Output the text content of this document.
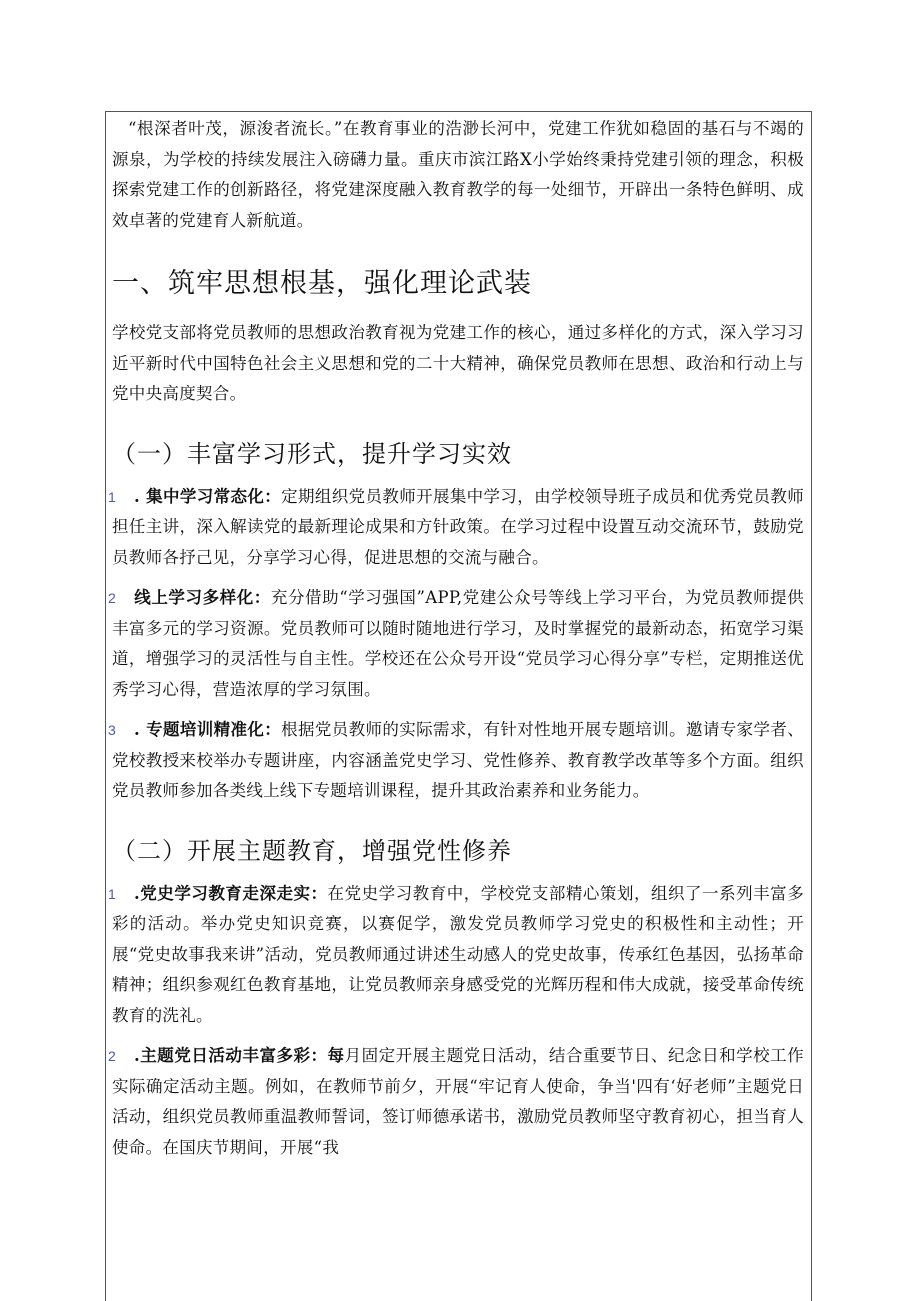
“根深者叶茂，源浚者流长。”在教育事业的浩渺长河中，党建工作犹如稳固的基石与不竭的源泉，为学校的持续发展注入磅礴力量。重庆市滨江路X小学始终秉持党建引领的理念，积极探索党建工作的创新路径，将党建深度融入教育教学的每一处细节，开辟出一条特色鲜明、成效卓著的党建育人新航道。

一、筑牢思想根基，强化理论武装

学校党支部将党员教师的思想政治教育视为党建工作的核心，通过多样化的方式，深入学习习近平新时代中国特色社会主义思想和党的二十大精神，确保党员教师在思想、政治和行动上与党中央高度契合。

（一）丰富学习形式，提升学习实效
1	. 集中学习常态化：定期组织党员教师开展集中学习，由学校领导班子成员和优秀党员教师担任主讲，深入解读党的最新理论成果和方针政策。在学习过程中设置互动交流环节，鼓励党员教师各抒己见，分享学习心得，促进思想的交流与融合。

2	线上学习多样化：充分借助“学习强国”APP,党建公众号等线上学习平台，为党员教师提供丰富多元的学习资源。党员教师可以随时随地进行学习，及时掌握党的最新动态，拓宽学习渠道，增强学习的灵活性与自主性。学校还在公众号开设“党员学习心得分享”专栏，定期推送优秀学习心得，营造浓厚的学习氛围。

3	. 专题培训精准化：根据党员教师的实际需求，有针对性地开展专题培训。邀请专家学者、党校教授来校举办专题讲座，内容涵盖党史学习、党性修养、教育教学改革等多个方面。组织党员教师参加各类线上线下专题培训课程，提升其政治素养和业务能力。

（二）开展主题教育，增强党性修养
1	.党史学习教育走深走实：在党史学习教育中，学校党支部精心策划，组织了一系列丰富多彩的活动。举办党史知识竞赛，以赛促学，激发党员教师学习党史的积极性和主动性；开展“党史故事我来讲”活动，党员教师通过讲述生动感人的党史故事，传承红色基因，弘扬革命精神；组织参观红色教育基地，让党员教师亲身感受党的光辉历程和伟大成就，接受革命传统教育的洗礼。

2	.主题党日活动丰富多彩：每月固定开展主题党日活动，结合重要节日、纪念日和学校工作实际确定活动主题。例如，在教师节前夕，开展“牢记育人使命，争当'四有‘好老师”主题党日活动，组织党员教师重温教师誓词，签订师德承诺书，激励党员教师坚守教育初心，担当育人使命。在国庆节期间，开展“我
